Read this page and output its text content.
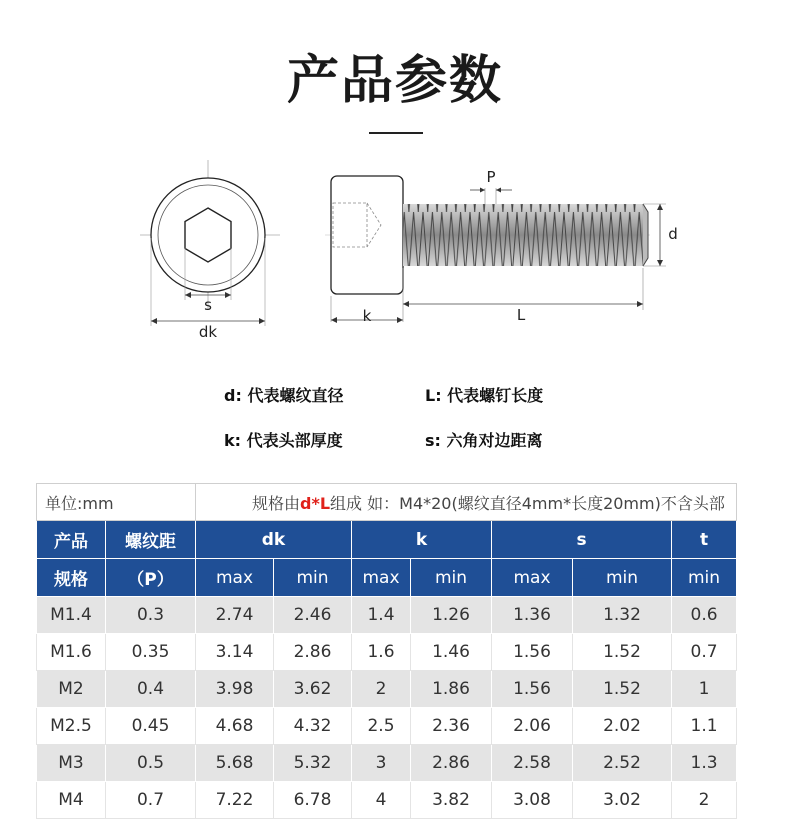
产品参数
s
dk
P
d
k	L
d: 代表螺纹直径	L: 代表螺钉长度
k: 代表头部厚度	s: 六角对边距离
单位:mm		规格由d*L组成 如：M4*20(螺纹直径4mm*长度20mm)不含头部						
产品	螺纹距	dk		k		s		t
规格	（P）	max	min	max	min	max	min	min
M1.4	0.3	2.74	2.46	1.4	1.26	1.36	1.32	0.6
M1.6	0.35	3.14	2.86	1.6	1.46	1.56	1.52	0.7
M2	0.4	3.98	3.62	2	1.86	1.56	1.52	1
M2.5	0.45	4.68	4.32	2.5	2.36	2.06	2.02	1.1
M3	0.5	5.68	5.32	3	2.86	2.58	2.52	1.3
M4	0.7	7.22	6.78	4	3.82	3.08	3.02	2
